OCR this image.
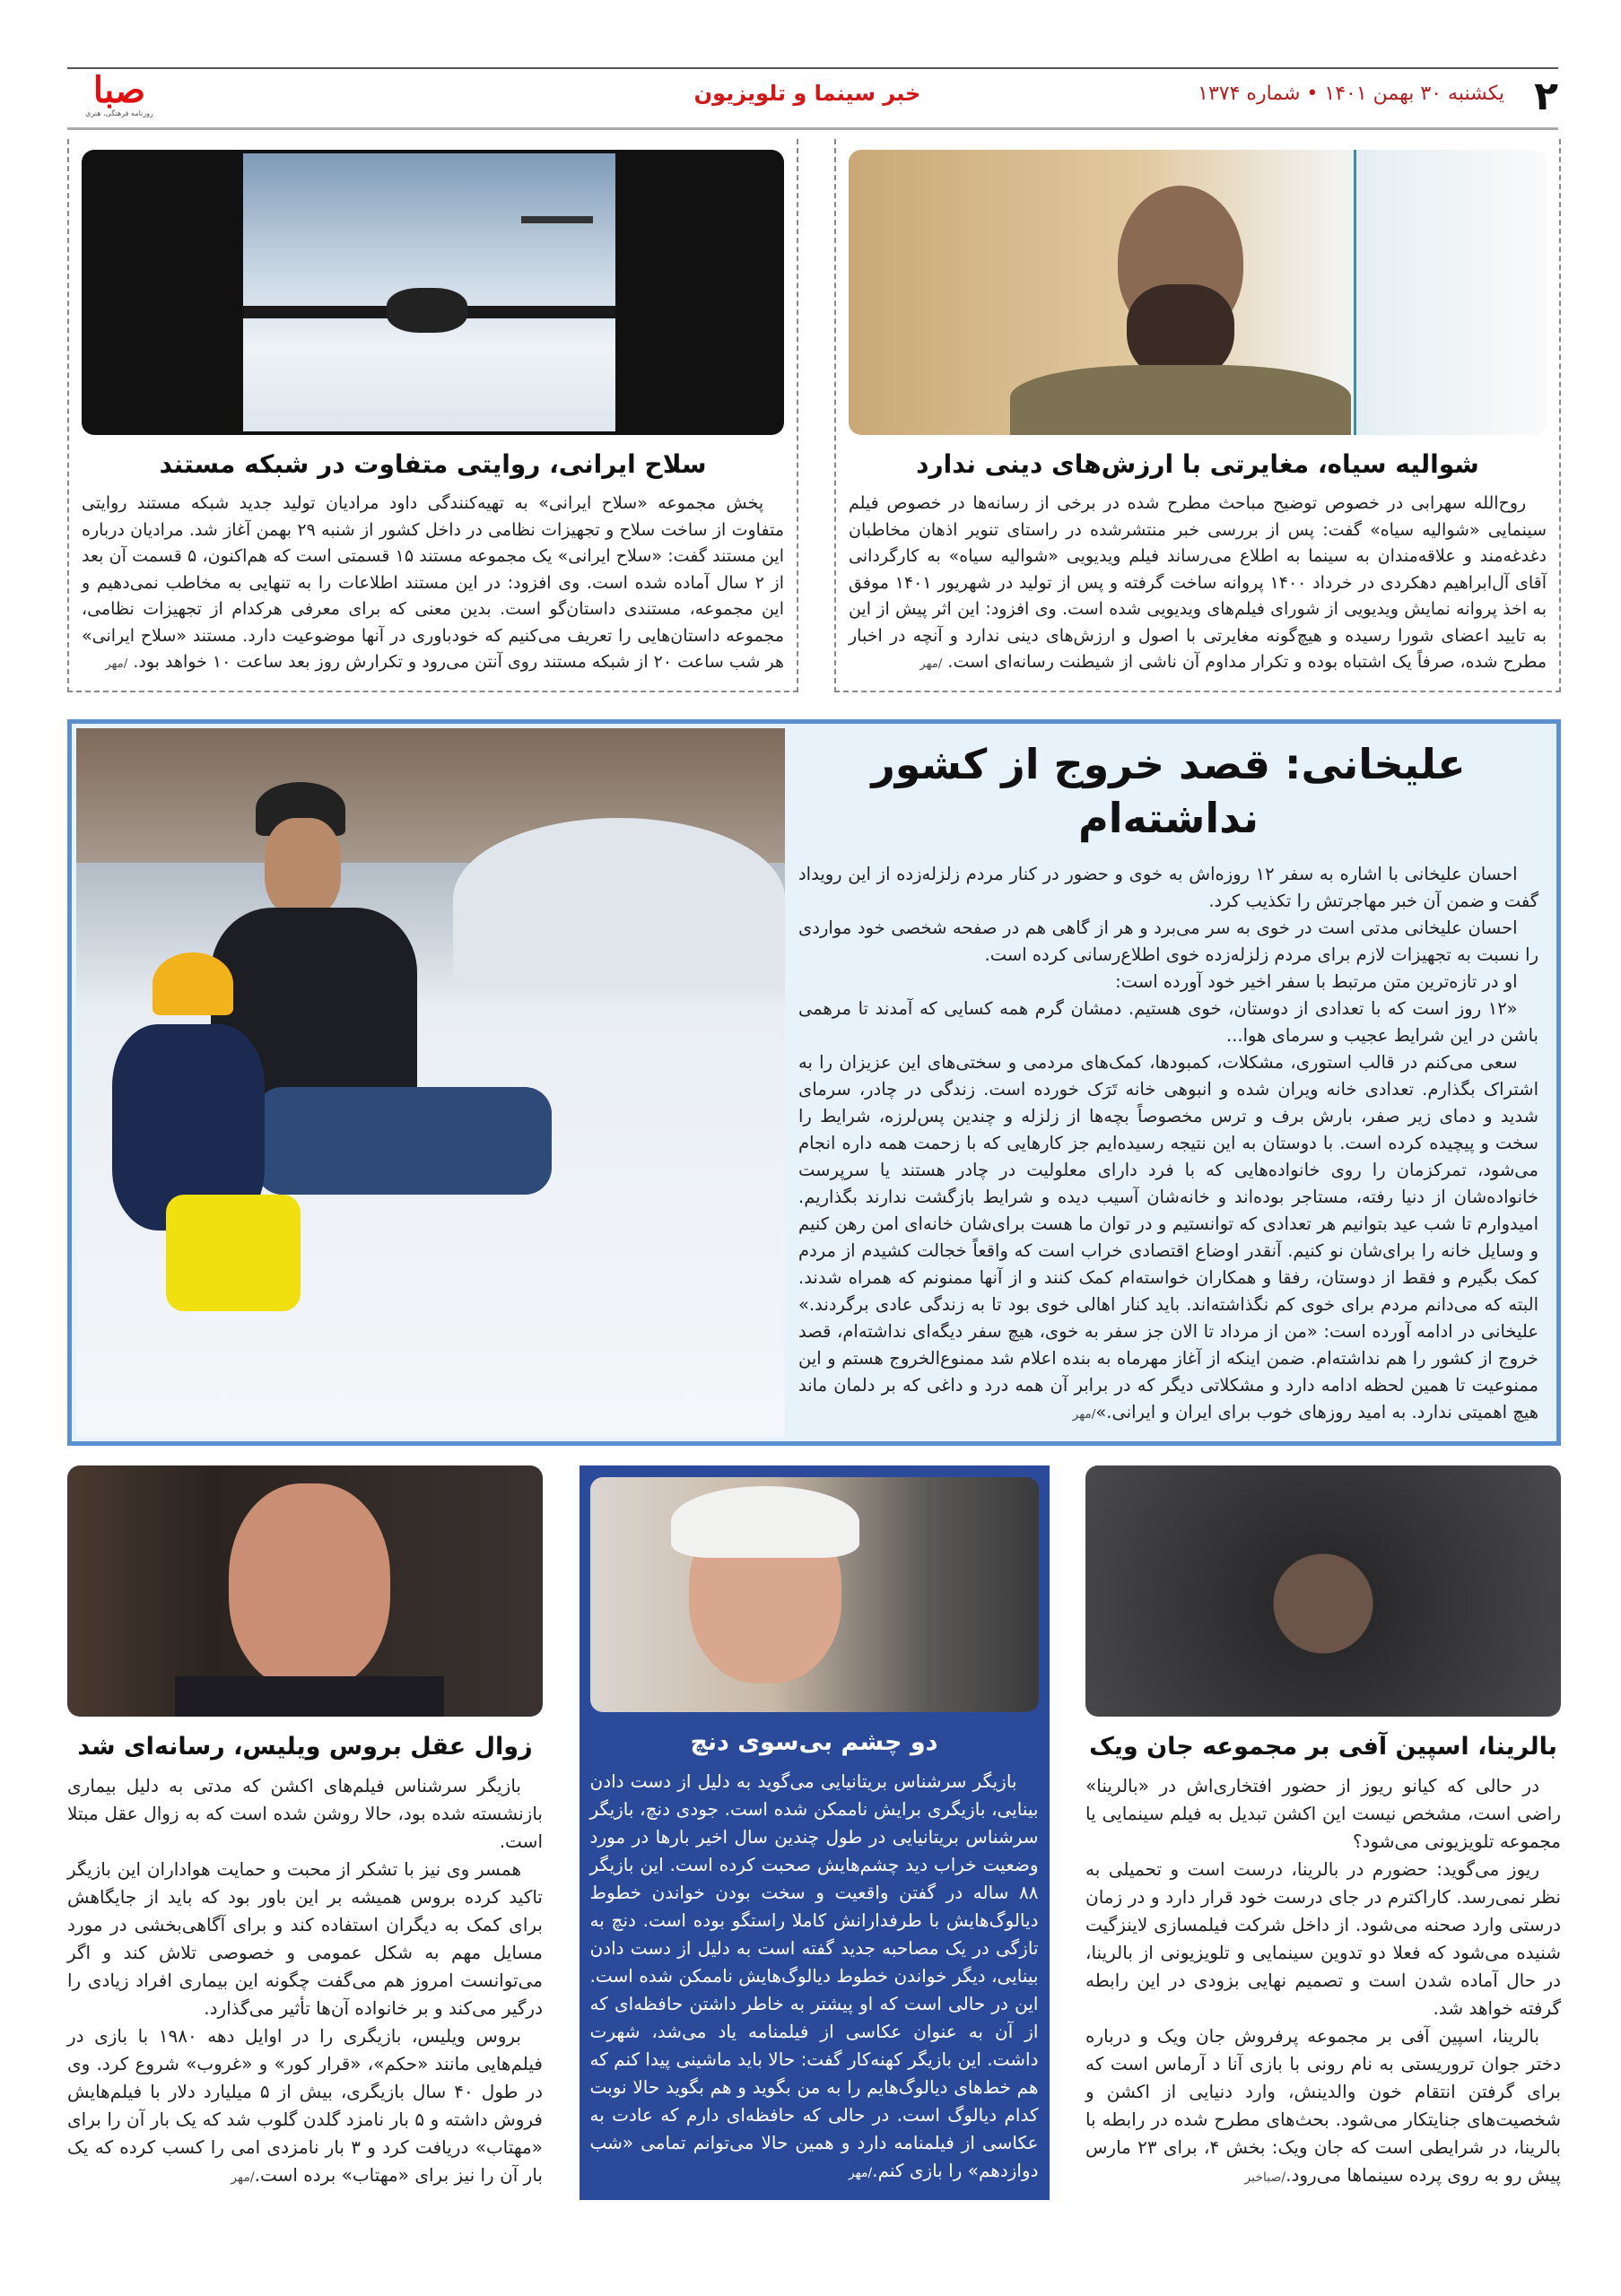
۲
یکشنبه ۳۰ بهمن ۱۴۰۱ • شماره ۱۳۷۴
خبر سینما و تلویزیون
صبا
روزنامه فرهنگی، هنری
سلاح ایرانی، روایتی متفاوت در شبکه مستند

پخش مجموعه «سلاح ایرانی» به تهیه‌کنندگی داود مرادیان تولید جدید شبکه مستند روایتی متفاوت از ساخت سلاح و تجهیزات نظامی در داخل کشور از شنبه ۲۹ بهمن آغاز شد. مرادیان درباره این مستند گفت: «سلاح ایرانی» یک مجموعه مستند ۱۵ قسمتی است که هم‌اکنون، ۵ قسمت آن بعد از ۲ سال آماده شده است. وی افزود: در این مستند اطلاعات را به تنهایی به مخاطب نمی‌دهیم و این مجموعه، مستندی داستان‌گو است. بدین معنی که برای معرفی هرکدام از تجهیزات نظامی، مجموعه داستان‌هایی را تعریف می‌کنیم که خودباوری در آنها موضوعیت دارد. مستند «سلاح ایرانی» هر شب ساعت ۲۰ از شبکه مستند روی آنتن می‌رود و تکرارش روز بعد ساعت ۱۰ خواهد بود. /مهر

شوالیه سیاه، مغایرتی با ارزش‌های دینی ندارد

روح‌الله سهرابی در خصوص توضیح مباحث مطرح شده در برخی از رسانه‌ها در خصوص فیلم سینمایی «شوالیه سیاه» گفت: پس از بررسی خبر منتشرشده در راستای تنویر اذهان مخاطبان دغدغه‌مند و علاقه‌مندان به سینما به اطلاع می‌رساند فیلم ویدیویی «شوالیه سیاه» به کارگردانی آقای آل‌ابراهیم دهکردی در خرداد ۱۴۰۰ پروانه ساخت گرفته و پس از تولید در شهریور ۱۴۰۱ موفق به اخذ پروانه نمایش ویدیویی از شورای فیلم‌های ویدیویی شده است. وی افزود: این اثر پیش از این به تایید اعضای شورا رسیده و هیچ‌گونه مغایرتی با اصول و ارزش‌های دینی ندارد و آنچه در اخبار مطرح شده، صرفاً یک اشتباه بوده و تکرار مداوم آن ناشی از شیطنت رسانه‌ای است. /مهر

علیخانی: قصد خروج از کشور نداشته‌ام

احسان علیخانی با اشاره به سفر ۱۲ روزه‌اش به خوی و حضور در کنار مردم زلزله‌زده از این رویداد گفت و ضمن آن خبر مهاجرتش را تکذیب کرد.

احسان علیخانی مدتی است در خوی به سر می‌برد و هر از گاهی هم در صفحه شخصی خود مواردی را نسبت به تجهیزات لازم برای مردم زلزله‌زده خوی اطلاع‌رسانی کرده است.

او در تازه‌ترین متن مرتبط با سفر اخیر خود آورده است:

«۱۲ روز است که با تعدادی از دوستان، خوی هستیم. دمشان گرم همه کسایی که آمدند تا مرهمی باشن در این شرایط عجیب و سرمای هوا...

سعی می‌کنم در قالب استوری، مشکلات، کمبودها، کمک‌های مردمی و سختی‌های این عزیزان را به اشتراک بگذارم. تعدادی خانه ویران شده و انبوهی خانه تَرَک خورده است. زندگی در چادر، سرمای شدید و دمای زیر صفر، بارش برف و ترس مخصوصاً بچه‌ها از زلزله و چندین پس‌لرزه، شرایط را سخت و پیچیده کرده است. با دوستان به این نتیجه رسیده‌ایم جز کارهایی که با زحمت همه داره انجام می‌شود، تمرکزمان را روی خانواده‌هایی که با فرد دارای معلولیت در چادر هستند یا سرپرست خانواده‌شان از دنیا رفته، مستاجر بوده‌اند و خانه‌شان آسیب دیده و شرایط بازگشت ندارند بگذاریم. امیدوارم تا شب عید بتوانیم هر تعدادی که توانستیم و در توان ما هست برای‌شان خانه‌ای امن رهن کنیم و وسایل خانه را برای‌شان نو کنیم. آنقدر اوضاع اقتصادی خراب است که واقعاً خجالت کشیدم از مردم کمک بگیرم و فقط از دوستان، رفقا و همکاران خواسته‌ام کمک کنند و از آنها ممنونم که همراه شدند. البته که می‌دانم مردم برای خوی کم نگذاشته‌اند. باید کنار اهالی خوی بود تا به زندگی عادی برگردند.» علیخانی در ادامه آورده است: «من از مرداد تا الان جز سفر به خوی، هیچ سفر دیگه‌ای نداشته‌ام، قصد خروج از کشور را هم نداشته‌ام. ضمن اینکه از آغاز مهرماه به بنده اعلام شد ممنوع‌الخروج هستم و این ممنوعیت تا همین لحظه ادامه دارد و مشکلاتی دیگر که در برابر آن همه درد و داغی که بر دلمان ماند هیچ اهمیتی ندارد. به امید روزهای خوب برای ایران و ایرانی.»/مهر

زوال عقل بروس ویلیس، رسانه‌ای شد

بازیگر سرشناس فیلم‌های اکشن که مدتی به دلیل بیماری بازنشسته شده بود، حالا روشن شده است که به زوال عقل مبتلا است.

همسر وی نیز با تشکر از محبت و حمایت هواداران این بازیگر تاکید کرده بروس همیشه بر این باور بود که باید از جایگاهش برای کمک به دیگران استفاده کند و برای آگاهی‌بخشی در مورد مسایل مهم به شکل عمومی و خصوصی تلاش کند و اگر می‌توانست امروز هم می‌گفت چگونه این بیماری افراد زیادی را درگیر می‌کند و بر خانواده آن‌ها تأثیر می‌گذارد.

بروس ویلیس، بازیگری را در اوایل دهه ۱۹۸۰ با بازی در فیلم‌هایی مانند «حکم»، «قرار کور» و «غروب» شروع کرد. وی در طول ۴۰ سال بازیگری، بیش از ۵ میلیارد دلار با فیلم‌هایش فروش داشته و ۵ بار نامزد گلدن گلوب شد که یک بار آن را برای «مهتاب» دریافت کرد و ۳ بار نامزدی امی را کسب کرده که یک بار آن را نیز برای «مهتاب» برده است./مهر

دو چشم بی‌سوی دنچ

بازیگر سرشناس بریتانیایی می‌گوید به دلیل از دست دادن بینایی، بازیگری برایش ناممکن شده است. جودی دنچ، بازیگر سرشناس بریتانیایی در طول چندین سال اخیر بارها در مورد وضعیت خراب دید چشم‌هایش صحبت کرده است. این بازیگر ۸۸ ساله در گفتن واقعیت و سخت بودن خواندن خطوط دیالوگ‌هایش با طرفدارانش کاملا راستگو بوده است. دنچ به تازگی در یک مصاحبه جدید گفته است به دلیل از دست دادن بینایی، دیگر خواندن خطوط دیالوگ‌هایش ناممکن شده است. این در حالی است که او پیشتر به خاطر داشتن حافظه‌ای که از آن به عنوان عکاسی از فیلمنامه یاد می‌شد، شهرت داشت. این بازیگر کهنه‌کار گفت: حالا باید ماشینی پیدا کنم که هم خط‌های دیالوگ‌هایم را به من بگوید و هم بگوید حالا نوبت کدام دیالوگ است. در حالی که حافظه‌ای دارم که عادت به عکاسی از فیلمنامه دارد و همین حالا می‌توانم تمامی «شب دوازدهم» را بازی کنم./مهر

بالرینا، اسپین آفی بر مجموعه جان ویک

در حالی که کیانو ریوز از حضور افتخاری‌اش در «بالرینا» راضی است، مشخص نیست این اکشن تبدیل به فیلم سینمایی یا مجموعه تلویزیونی می‌شود؟

ریوز می‌گوید: حضورم در بالرینا، درست است و تحمیلی به نظر نمی‌رسد. کاراکترم در جای درست خود قرار دارد و در زمان درستی وارد صحنه می‌شود. از داخل شرکت فیلمسازی لاینزگیت شنیده می‌شود که فعلا دو تدوین سینمایی و تلویزیونی از بالرینا، در حال آماده شدن است و تصمیم نهایی بزودی در این رابطه گرفته خواهد شد.

بالرینا، اسپین آفی بر مجموعه پرفروش جان ویک و درباره دختر جوان تروریستی به نام رونی با بازی آنا د آرماس است که برای گرفتن انتقام خون والدینش، وارد دنیایی از اکشن و شخصیت‌های جنایتکار می‌شود. بحث‌های مطرح شده در رابطه با بالرینا، در شرایطی است که جان ویک: بخش ۴، برای ۲۳ مارس پیش رو به روی پرده سینماها می‌رود./صباخبر
